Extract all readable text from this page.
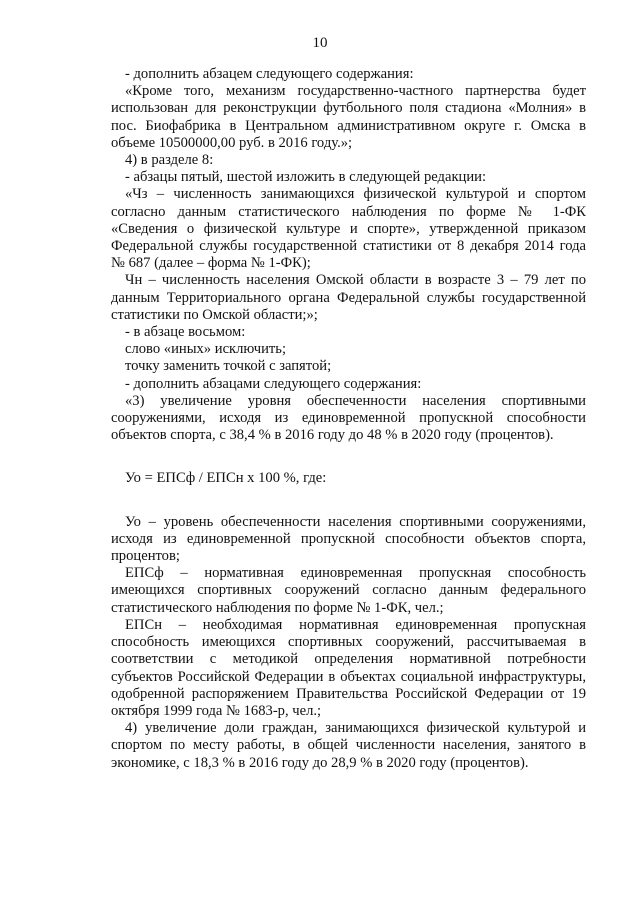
10

- дополнить абзацем следующего содержания:

«Кроме того, механизм государственно-частного партнерства будет использован для реконструкции футбольного поля стадиона «Молния» в пос. Биофабрика в Центральном административном округе г. Омска в объеме 10500000,00 руб. в 2016 году.»;

4) в разделе 8:

- абзацы пятый, шестой изложить в следующей редакции:

«Чз – численность занимающихся физической культурой и спортом согласно данным статистического наблюдения по форме № 1-ФК «Сведения о физической культуре и спорте», утвержденной приказом Федеральной службы государственной статистики от 8 декабря 2014 года № 687 (далее – форма № 1-ФК);

Чн – численность населения Омской области в возрасте 3 – 79 лет по данным Территориального органа Федеральной службы государственной статистики по Омской области;»;

- в абзаце восьмом:

слово «иных» исключить;

точку заменить точкой с запятой;

- дополнить абзацами следующего содержания:

«3) увеличение уровня обеспеченности населения спортивными сооружениями, исходя из единовременной пропускной способности объектов спорта, с 38,4 % в 2016 году до 48 % в 2020 году (процентов).

Уо = ЕПСф / ЕПСн х 100 %, где:

Уо – уровень обеспеченности населения спортивными сооружениями, исходя из единовременной пропускной способности объектов спорта, процентов;

ЕПСф – нормативная единовременная пропускная способность имеющихся спортивных сооружений согласно данным федерального статистического наблюдения по форме № 1-ФК, чел.;

ЕПСн – необходимая нормативная единовременная пропускная способность имеющихся спортивных сооружений, рассчитываемая в соответствии с методикой определения нормативной потребности субъектов Российской Федерации в объектах социальной инфраструктуры, одобренной распоряжением Правительства Российской Федерации от 19 октября 1999 года № 1683-р, чел.;

4) увеличение доли граждан, занимающихся физической культурой и спортом по месту работы, в общей численности населения, занятого в экономике, с 18,3 % в 2016 году до 28,9 % в 2020 году (процентов).
